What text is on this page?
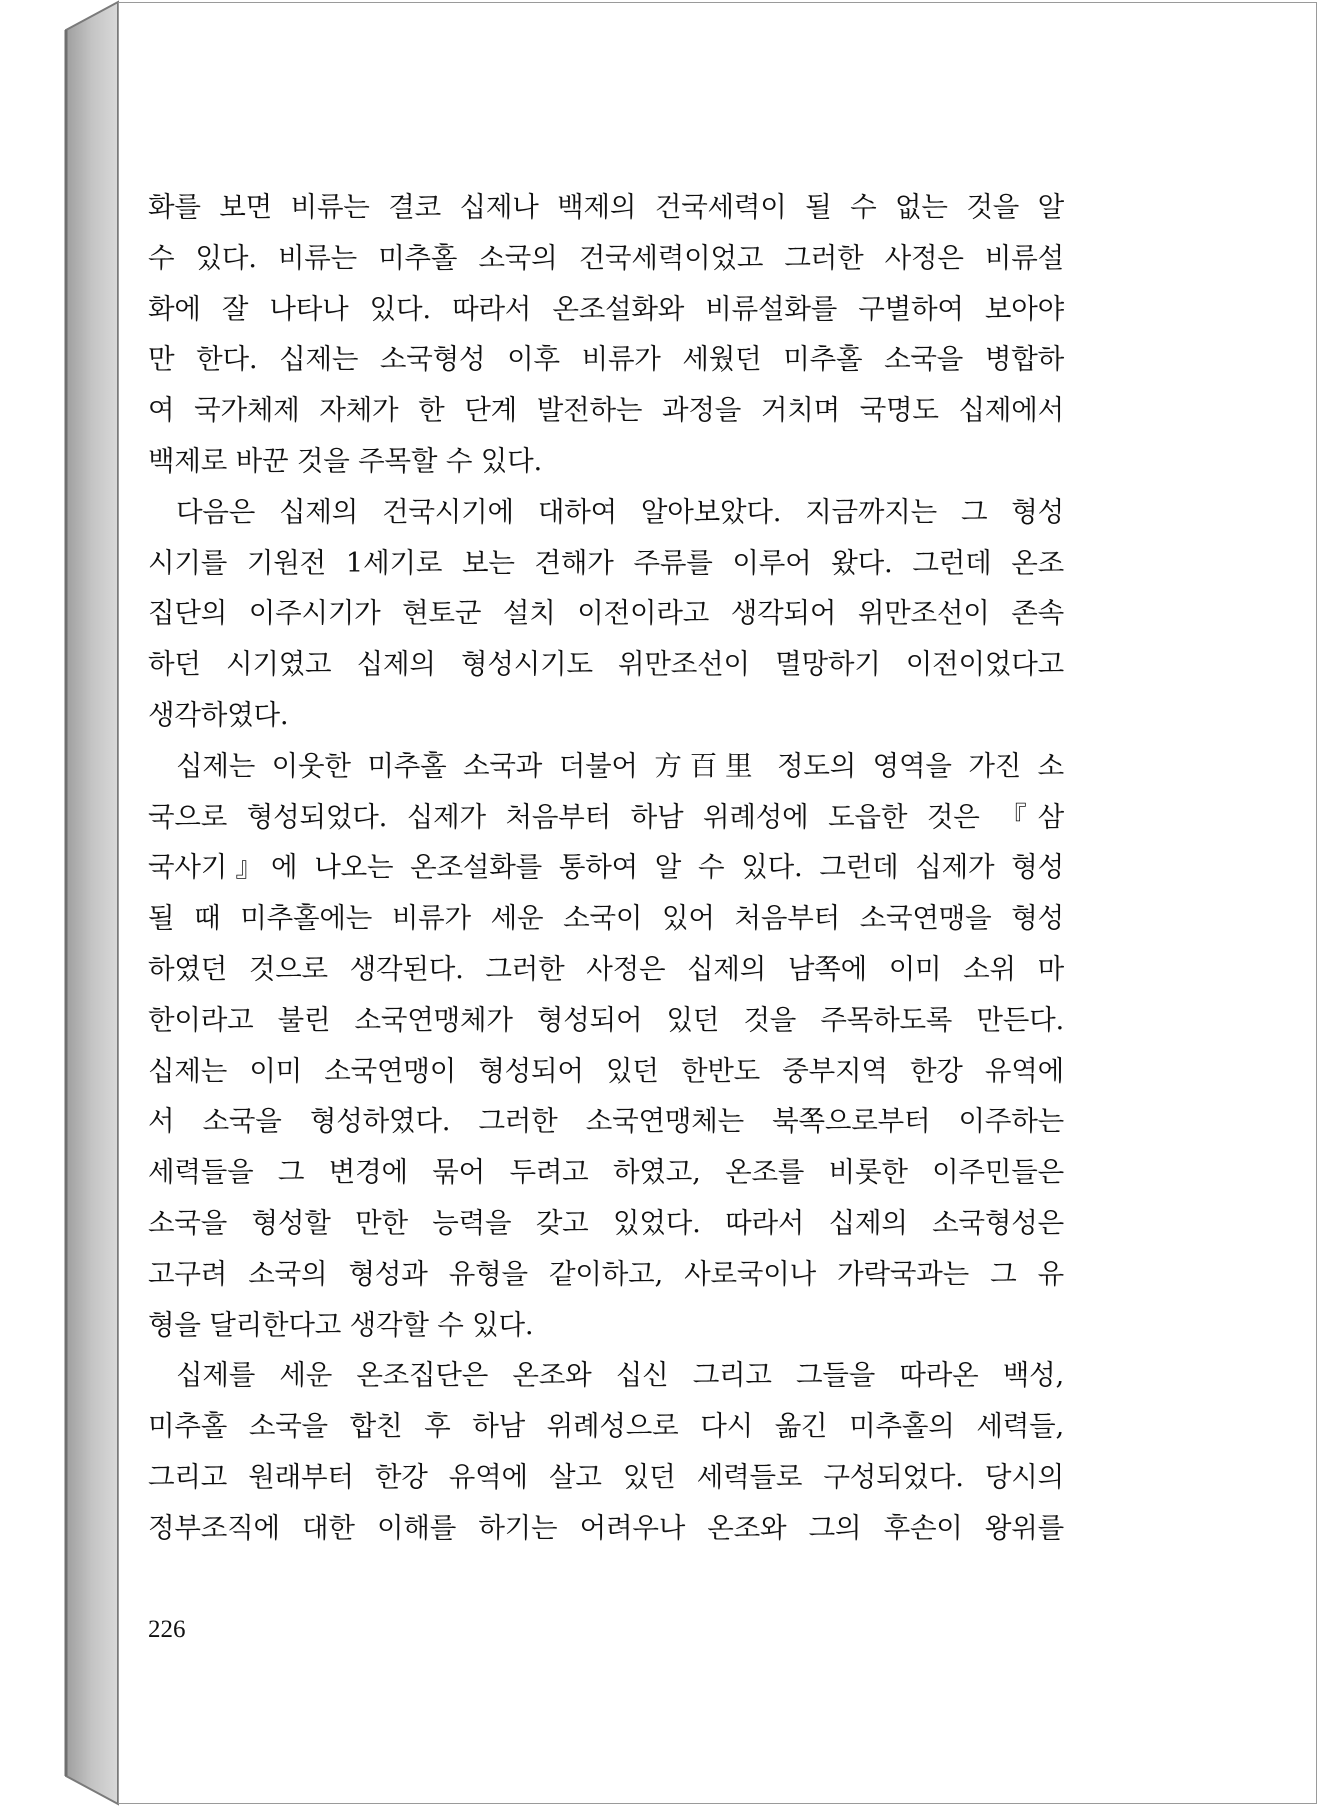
화를 보면 비류는 결코 십제나 백제의 건국세력이 될 수 없는 것을 알
수 있다. 비류는 미추홀 소국의 건국세력이었고 그러한 사정은 비류설
화에 잘 나타나 있다. 따라서 온조설화와 비류설화를 구별하여 보아야
만 한다. 십제는 소국형성 이후 비류가 세웠던 미추홀 소국을 병합하
여 국가체제 자체가 한 단계 발전하는 과정을 거치며 국명도 십제에서
백제로 바꾼 것을 주목할 수 있다.
다음은 십제의 건국시기에 대하여 알아보았다. 지금까지는 그 형성
시기를 기원전 1세기로 보는 견해가 주류를 이루어 왔다. 그런데 온조
집단의 이주시기가 현토군 설치 이전이라고 생각되어 위만조선이 존속
하던 시기였고 십제의 형성시기도 위만조선이 멸망하기 이전이었다고
생각하였다.
십제는 이웃한 미추홀 소국과 더불어 方百里 정도의 영역을 가진 소
국으로 형성되었다. 십제가 처음부터 하남 위례성에 도읍한 것은 『삼
국사기』에 나오는 온조설화를 통하여 알 수 있다. 그런데 십제가 형성
될 때 미추홀에는 비류가 세운 소국이 있어 처음부터 소국연맹을 형성
하였던 것으로 생각된다. 그러한 사정은 십제의 남쪽에 이미 소위 마
한이라고 불린 소국연맹체가 형성되어 있던 것을 주목하도록 만든다.
십제는 이미 소국연맹이 형성되어 있던 한반도 중부지역 한강 유역에
서 소국을 형성하였다. 그러한 소국연맹체는 북쪽으로부터 이주하는
세력들을 그 변경에 묶어 두려고 하였고, 온조를 비롯한 이주민들은
소국을 형성할 만한 능력을 갖고 있었다. 따라서 십제의 소국형성은
고구려 소국의 형성과 유형을 같이하고, 사로국이나 가락국과는 그 유
형을 달리한다고 생각할 수 있다.
십제를 세운 온조집단은 온조와 십신 그리고 그들을 따라온 백성,
미추홀 소국을 합친 후 하남 위례성으로 다시 옮긴 미추홀의 세력들,
그리고 원래부터 한강 유역에 살고 있던 세력들로 구성되었다. 당시의
정부조직에 대한 이해를 하기는 어려우나 온조와 그의 후손이 왕위를
226
